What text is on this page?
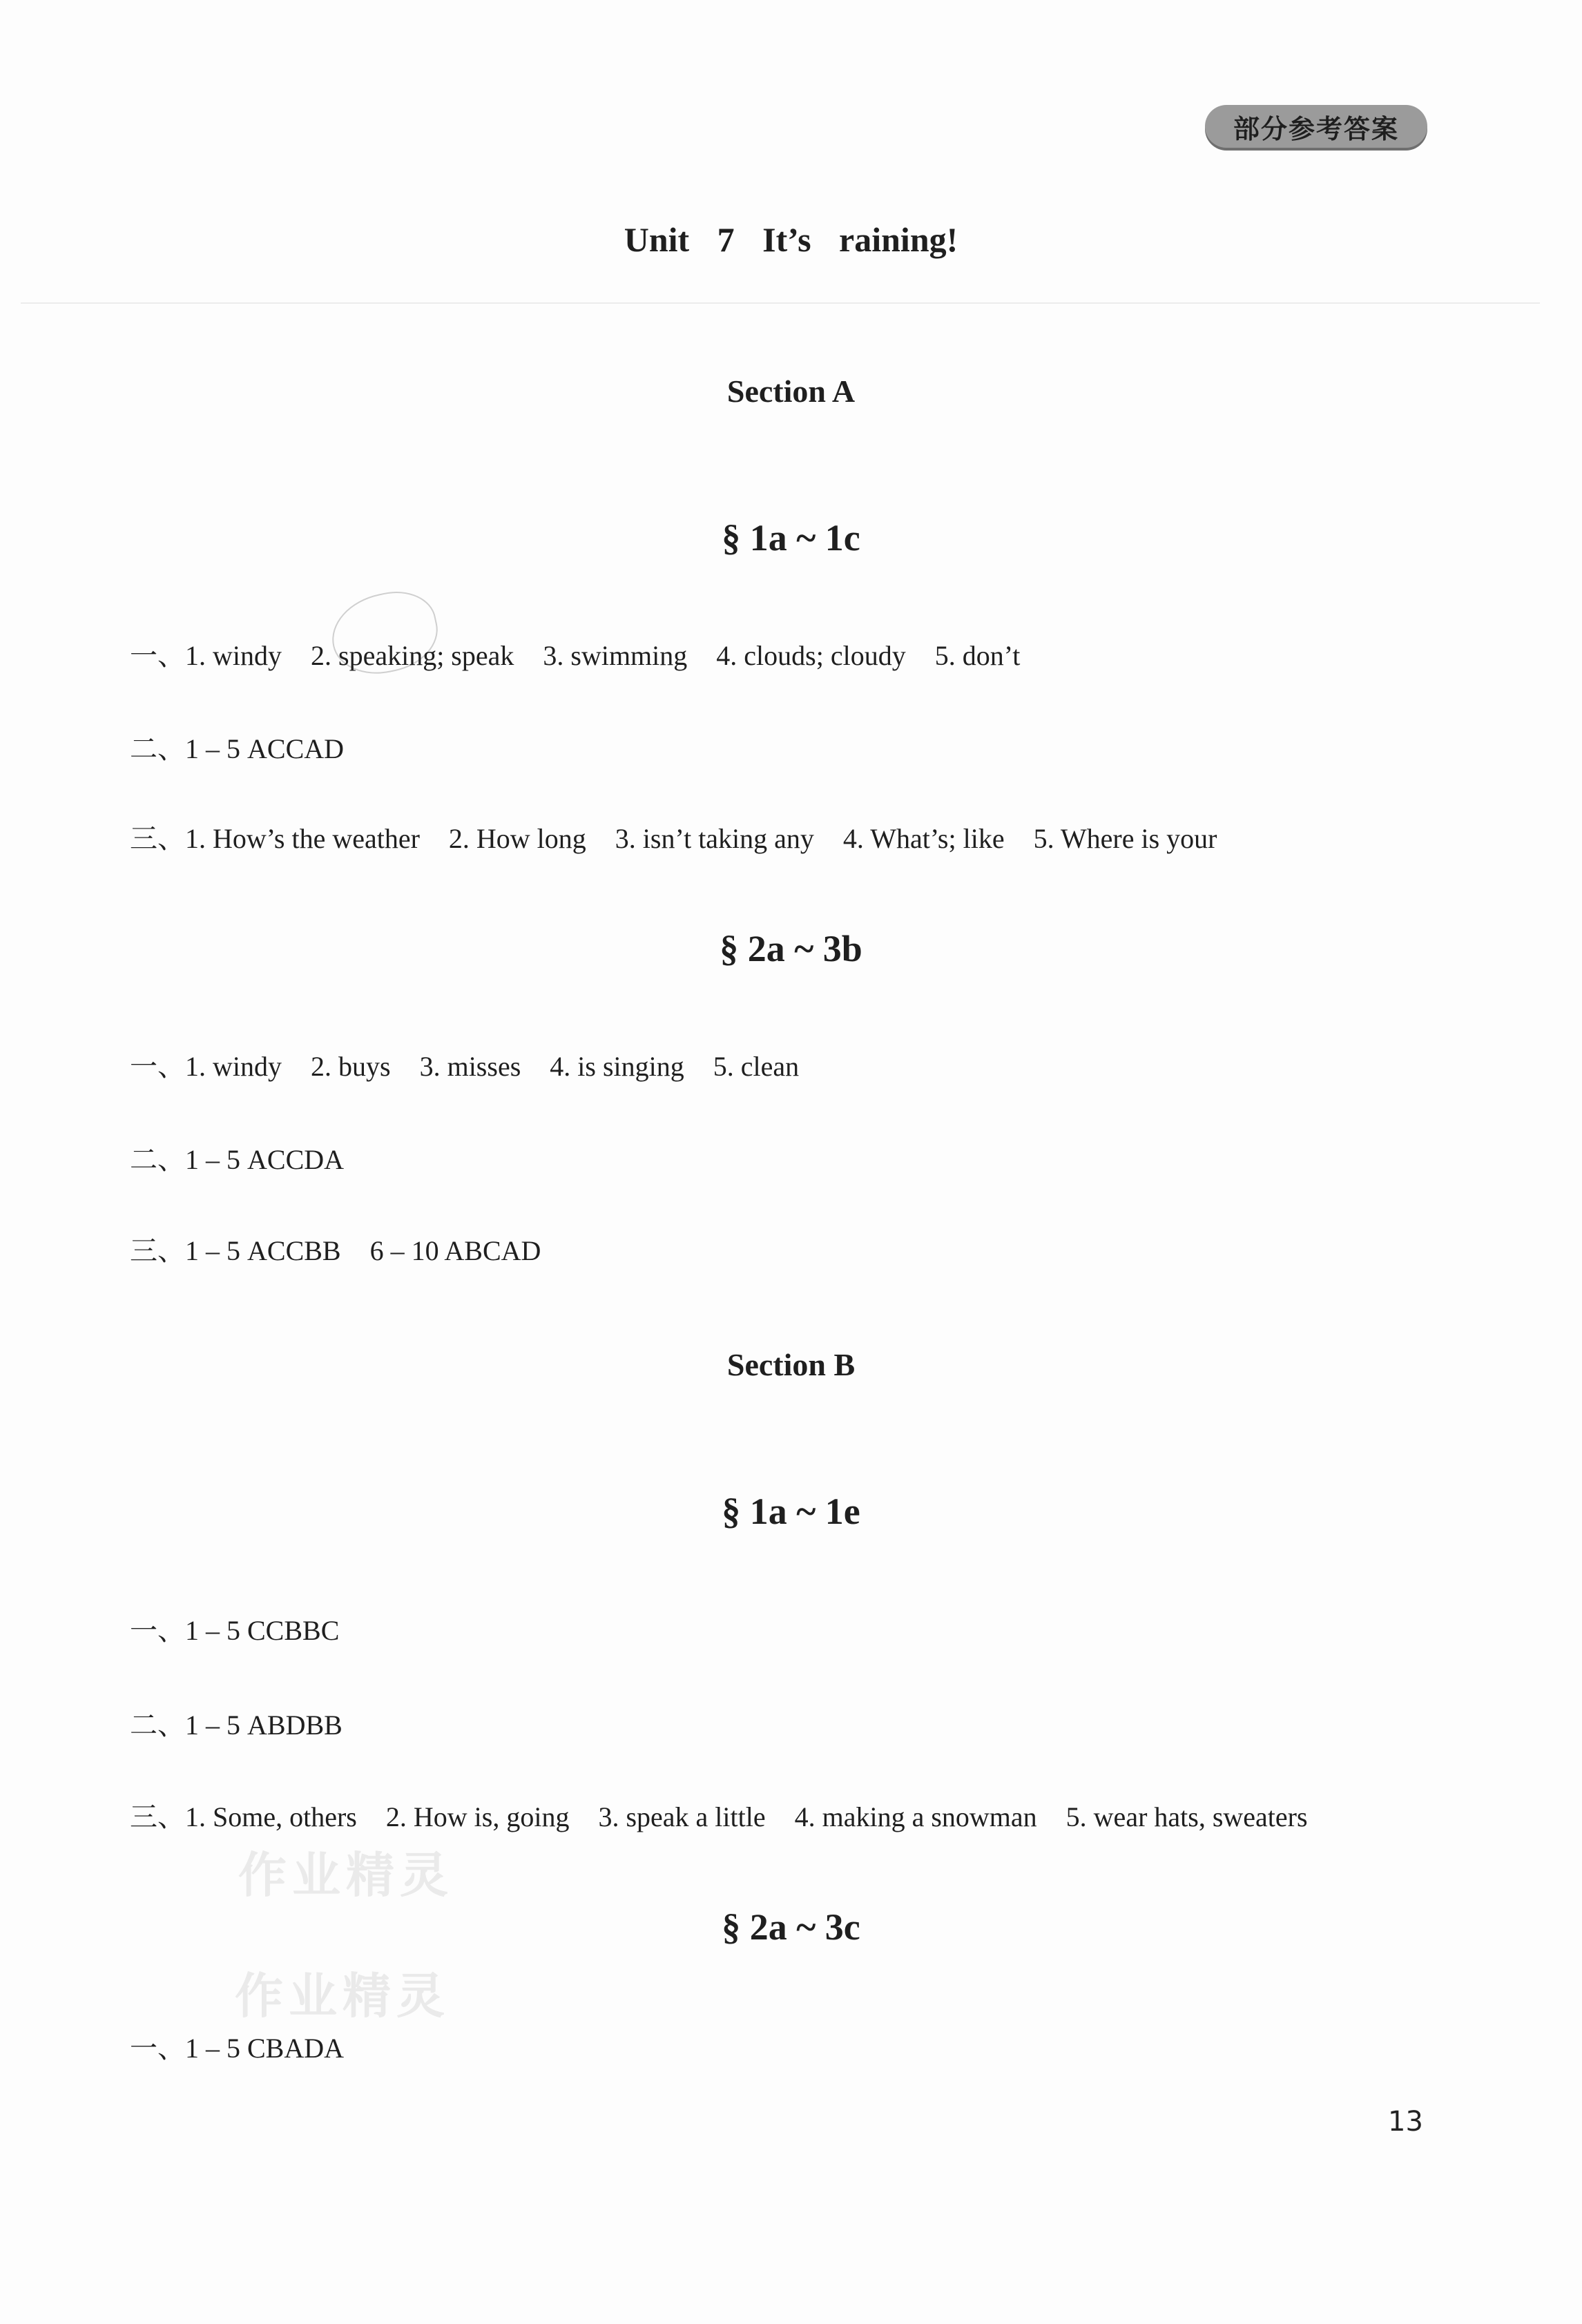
部分参考答案
Unit 7 It’s raining!
Section A
§ 1a ~ 1c
一、1. windy 2. speaking; speak 3. swimming 4. clouds; cloudy 5. don’t
二、1 – 5 ACCAD
三、1. How’s the weather 2. How long 3. isn’t taking any 4. What’s; like 5. Where is your
§ 2a ~ 3b
一、1. windy 2. buys 3. misses 4. is singing 5. clean
二、1 – 5 ACCDA
三、1 – 5 ACCBB 6 – 10 ABCAD
Section B
§ 1a ~ 1e
一、1 – 5 CCBBC
二、1 – 5 ABDBB
三、1. Some, others 2. How is, going 3. speak a little 4. making a snowman 5. wear hats, sweaters
作业精灵
§ 2a ~ 3c
作业精灵
一、1 – 5 CBADA
13
